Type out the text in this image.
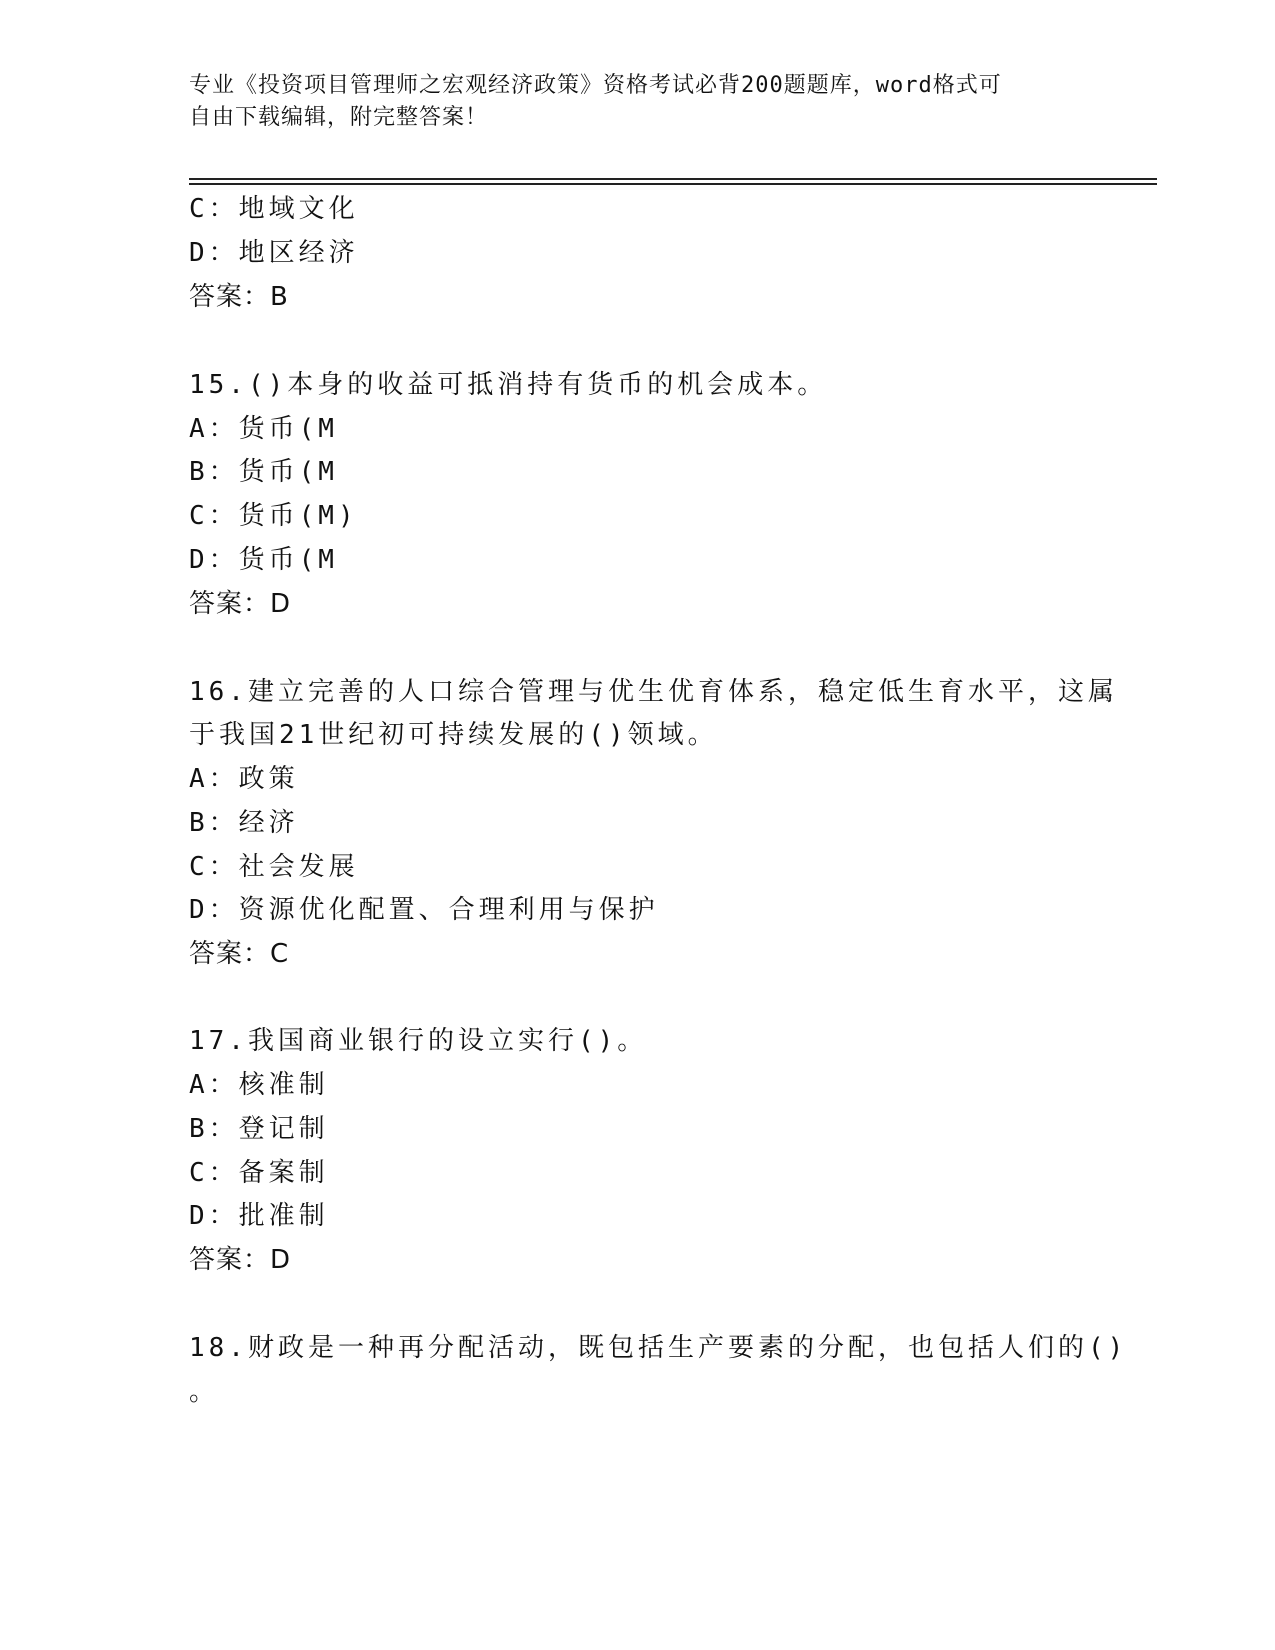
专业《投资项目管理师之宏观经济政策》资格考试必背200题题库，word格式可
自由下载编辑，附完整答案！
C：地域文化
D：地区经济
答案：B
15.()本身的收益可抵消持有货币的机会成本。
A：货币(M
B：货币(M
C：货币(M)
D：货币(M
答案：D
16.建立完善的人口综合管理与优生优育体系，稳定低生育水平，这属
于我国21世纪初可持续发展的()领域。
A：政策
B：经济
C：社会发展
D：资源优化配置、合理利用与保护
答案：C
17.我国商业银行的设立实行()。
A：核准制
B：登记制
C：备案制
D：批准制
答案：D
18.财政是一种再分配活动，既包括生产要素的分配，也包括人们的()
。
